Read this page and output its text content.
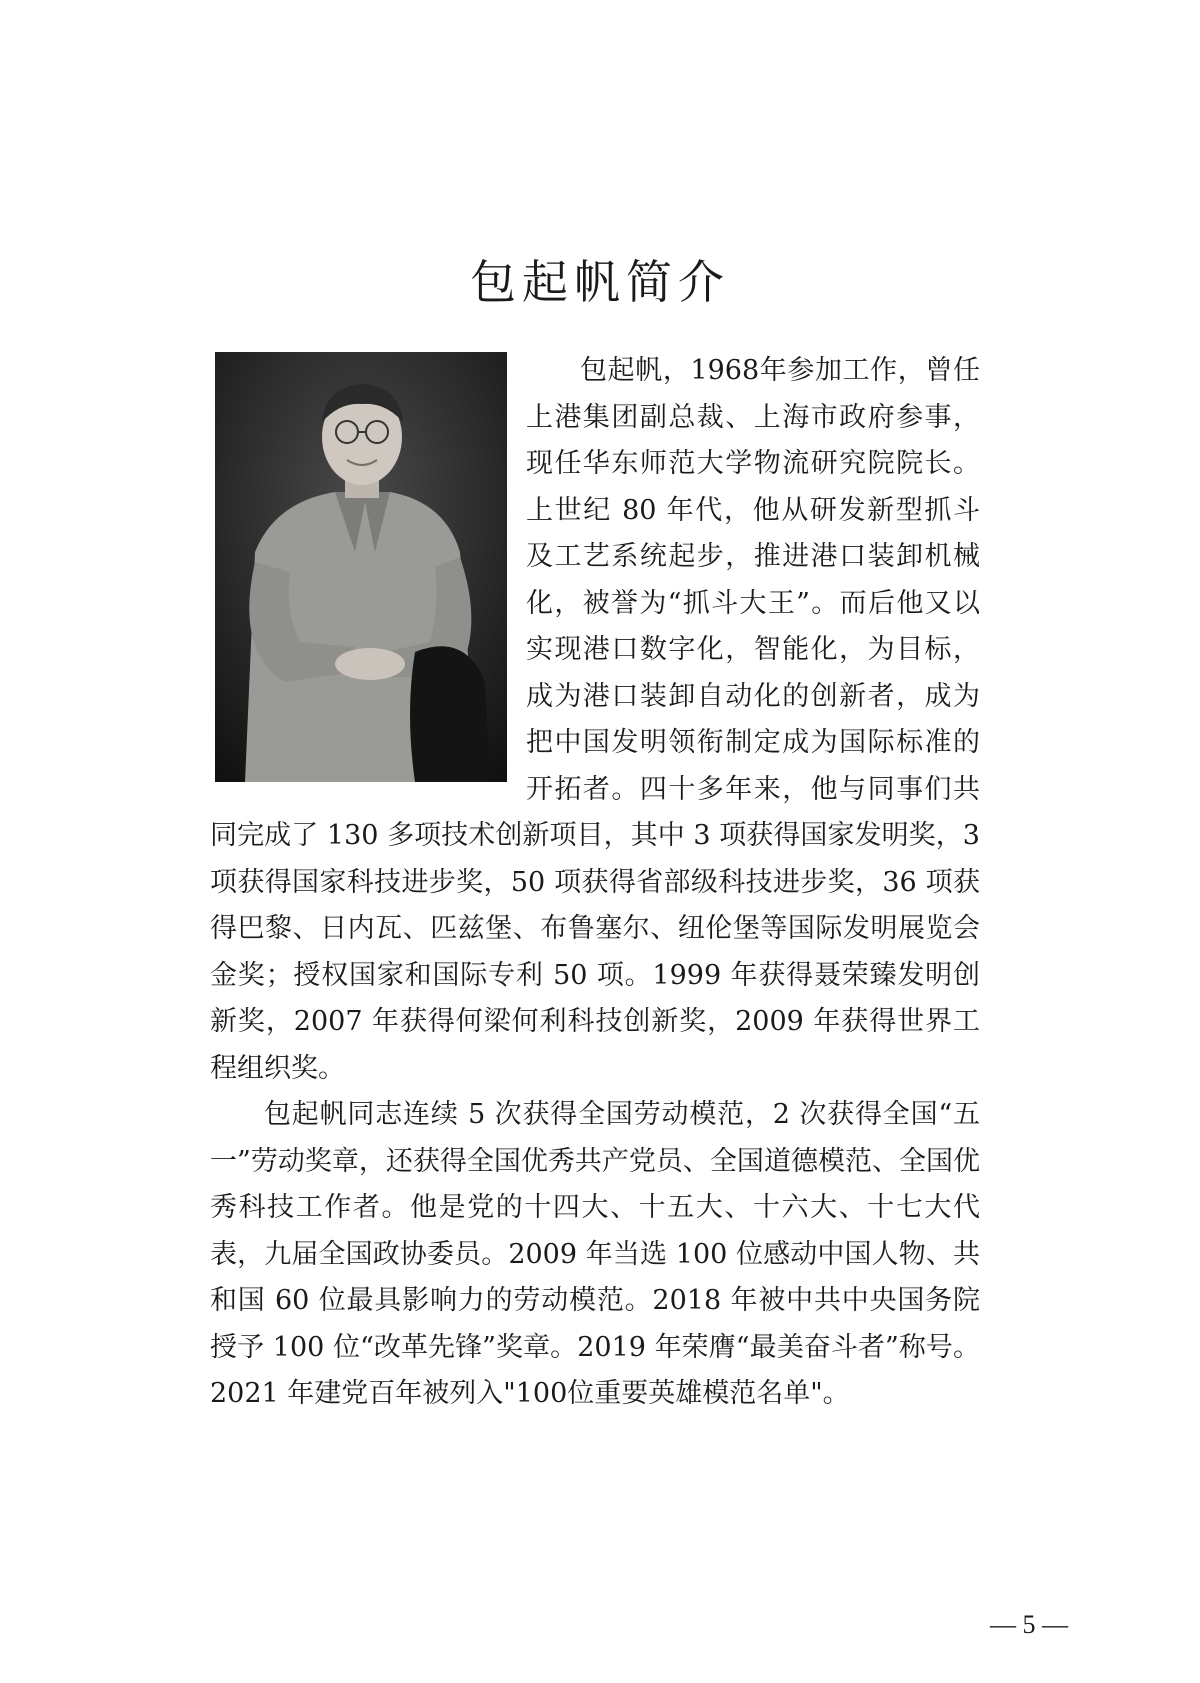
包起帆简介

包起帆，1968年参加工作，曾任上港集团副总裁、上海市政府参事，现任华东师范大学物流研究院院长。上世纪 80 年代，他从研发新型抓斗及工艺系统起步，推进港口装卸机械化，被誉为“抓斗大王”。而后他又以实现港口数字化，智能化，为目标，成为港口装卸自动化的创新者，成为把中国发明领衔制定成为国际标准的开拓者。四十多年来，他与同事们共同完成了 130 多项技术创新项目，其中 3 项获得国家发明奖，3 项获得国家科技进步奖，50 项获得省部级科技进步奖，36 项获得巴黎、日内瓦、匹兹堡、布鲁塞尔、纽伦堡等国际发明展览会金奖；授权国家和国际专利 50 项。1999 年获得聂荣臻发明创新奖，2007 年获得何梁何利科技创新奖，2009 年获得世界工程组织奖。

包起帆同志连续 5 次获得全国劳动模范，2 次获得全国“五一”劳动奖章，还获得全国优秀共产党员、全国道德模范、全国优秀科技工作者。他是党的十四大、十五大、十六大、十七大代表，九届全国政协委员。2009 年当选 100 位感动中国人物、共和国 60 位最具影响力的劳动模范。2018 年被中共中央国务院授予 100 位“改革先锋”奖章。2019 年荣膺“最美奋斗者”称号。2021 年建党百年被列入"100位重要英雄模范名单"。

— 5 —
